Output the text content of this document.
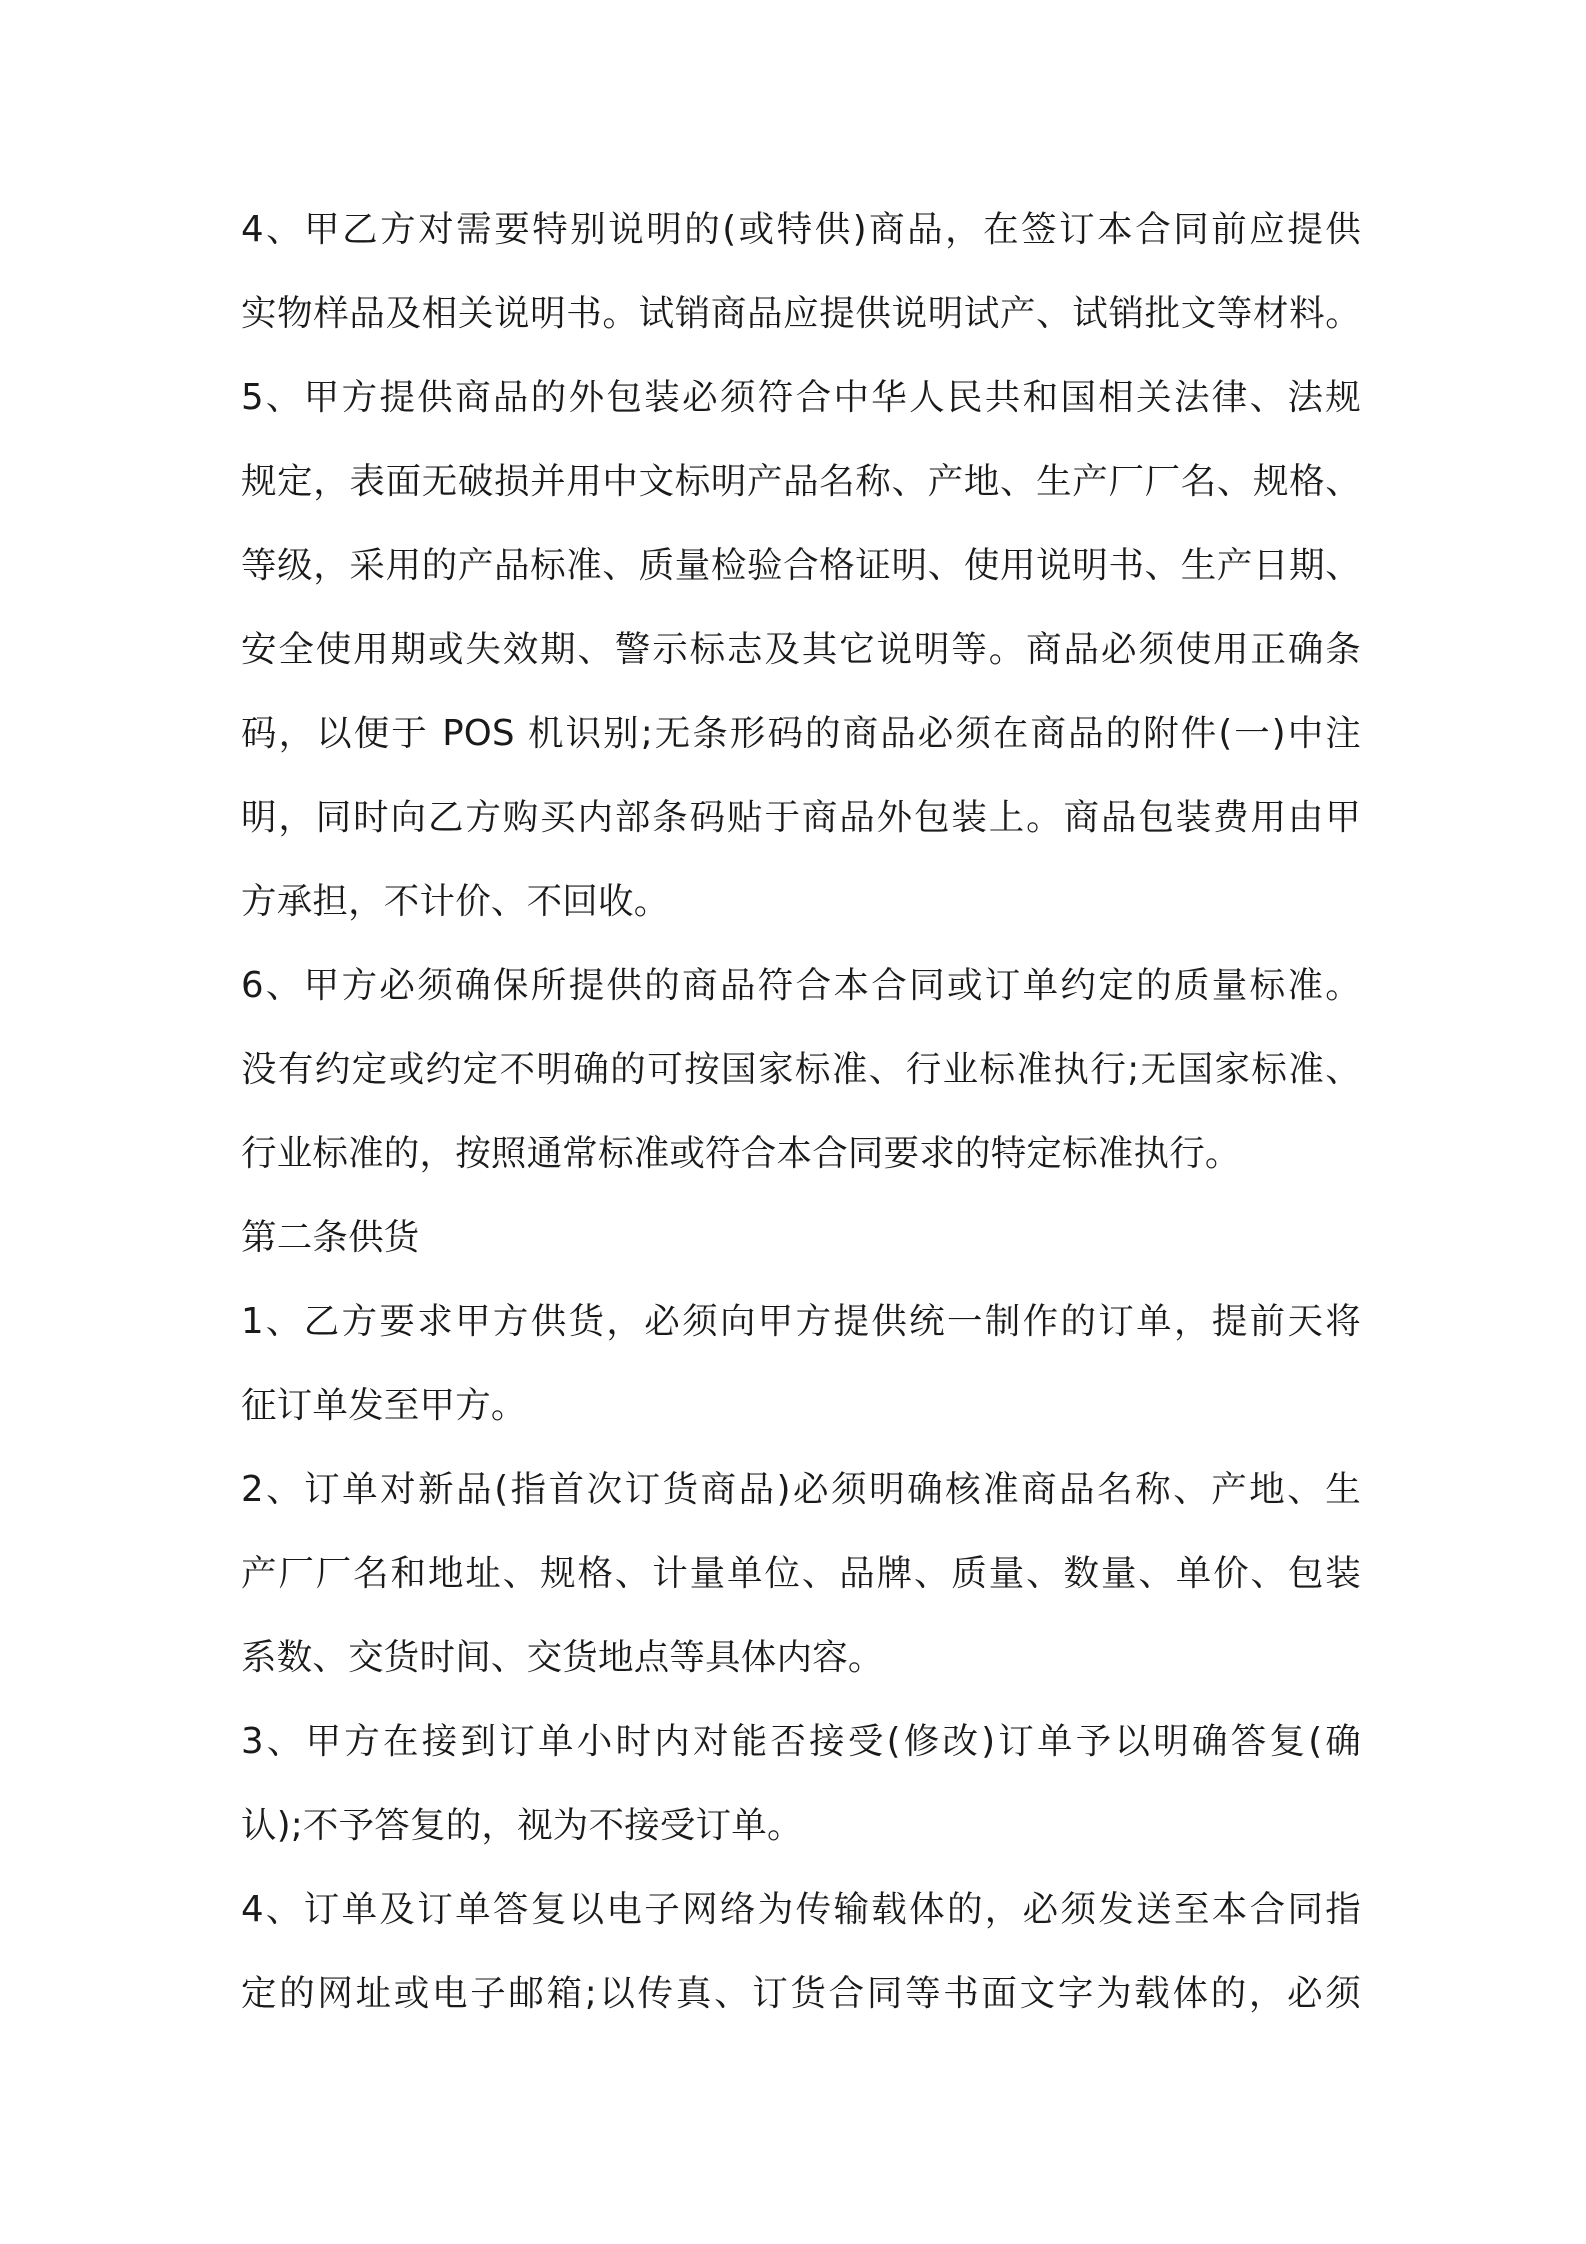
4、甲乙方对需要特别说明的(或特供)商品，在签订本合同前应提供
实物样品及相关说明书。试销商品应提供说明试产、试销批文等材料。
5、甲方提供商品的外包装必须符合中华人民共和国相关法律、法规
规定，表面无破损并用中文标明产品名称、产地、生产厂厂名、规格、
等级，采用的产品标准、质量检验合格证明、使用说明书、生产日期、
安全使用期或失效期、警示标志及其它说明等。商品必须使用正确条
码，以便于 POS 机识别;无条形码的商品必须在商品的附件(一)中注
明，同时向乙方购买内部条码贴于商品外包装上。商品包装费用由甲
方承担，不计价、不回收。
6、甲方必须确保所提供的商品符合本合同或订单约定的质量标准。
没有约定或约定不明确的可按国家标准、行业标准执行;无国家标准、
行业标准的，按照通常标准或符合本合同要求的特定标准执行。
第二条供货
1、乙方要求甲方供货，必须向甲方提供统一制作的订单，提前天将
征订单发至甲方。
2、订单对新品(指首次订货商品)必须明确核准商品名称、产地、生
产厂厂名和地址、规格、计量单位、品牌、质量、数量、单价、包装
系数、交货时间、交货地点等具体内容。
3、甲方在接到订单小时内对能否接受(修改)订单予以明确答复(确
认);不予答复的，视为不接受订单。
4、订单及订单答复以电子网络为传输载体的，必须发送至本合同指
定的网址或电子邮箱;以传真、订货合同等书面文字为载体的，必须
